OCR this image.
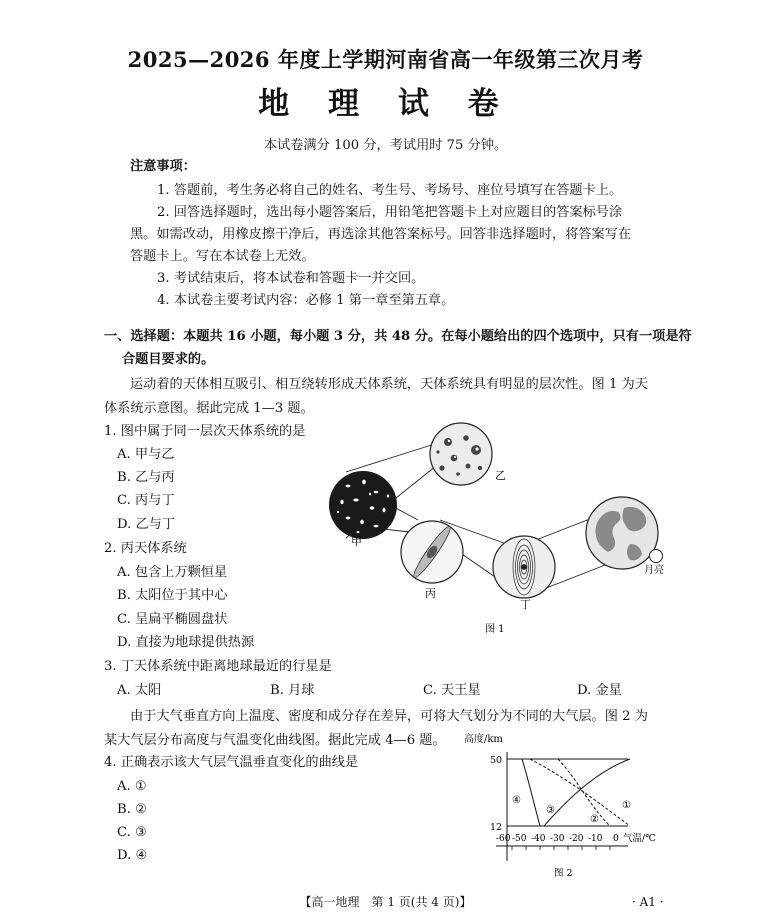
2025—2026 年度上学期河南省高一年级第三次月考
地 理 试 卷
本试卷满分 100 分，考试用时 75 分钟。
注意事项：
1. 答题前，考生务必将自己的姓名、考生号、考场号、座位号填写在答题卡上。
2. 回答选择题时，选出每小题答案后，用铅笔把答题卡上对应题目的答案标号涂
黑。如需改动，用橡皮擦干净后，再选涂其他答案标号。回答非选择题时，将答案写在
答题卡上。写在本试卷上无效。
3. 考试结束后，将本试卷和答题卡一并交回。
4. 本试卷主要考试内容：必修 1 第一章至第五章。
一、选择题：本题共 16 小题，每小题 3 分，共 48 分。在每小题给出的四个选项中，只有一项是符
合题目要求的。
运动着的天体相互吸引、相互绕转形成天体系统，天体系统具有明显的层次性。图 1 为天
体系统示意图。据此完成 1—3 题。
1. 图中属于同一层次天体系统的是
A. 甲与乙
B. 乙与丙
C. 丙与丁
D. 乙与丁
2. 丙天体系统
A. 包含上万颗恒星
B. 太阳位于其中心
C. 呈扁平椭圆盘状
D. 直接为地球提供热源
3. 丁天体系统中距离地球最近的行星是
A. 太阳	B. 月球	C. 天王星	D. 金星
由于大气垂直方向上温度、密度和成分存在差异，可将大气划分为不同的大气层。图 2 为
某大气层分布高度与气温变化曲线图。据此完成 4—6 题。
4. 正确表示该大气层气温垂直变化的曲线是
A. ①
B. ②
C. ③
D. ④
乙
甲
丙
丁
月亮
图 1
高度/km
50
12
-60 -50 -40 -30 -20 -10 0 气温/℃
①
②
③
④
图 2
【高一地理　第 1 页(共 4 页)】	· A1 ·
